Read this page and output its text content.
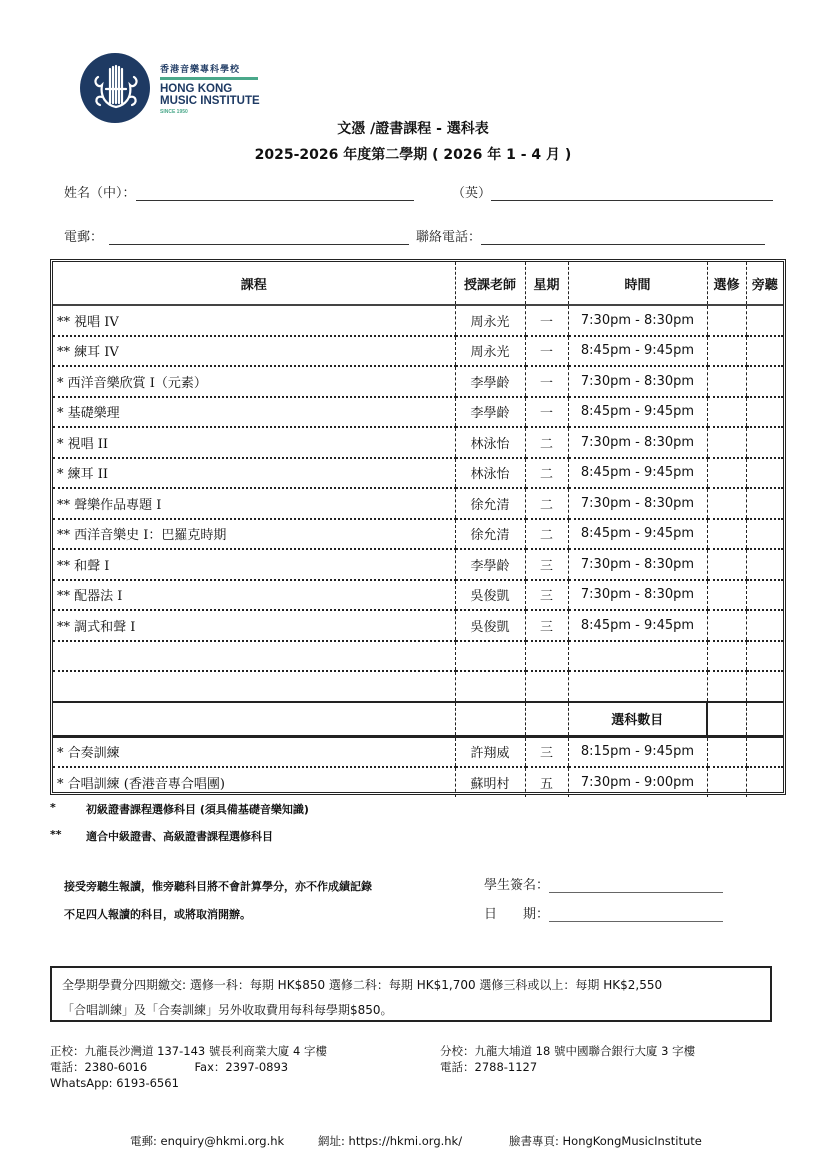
香港音樂專科學校
HONG KONG
MUSIC INSTITUTE
SINCE 1950
文憑 /證書課程 - 選科表
2025-2026 年度第二學期 ( 2026 年 1 - 4 月 )
姓名（中）：	（英）
電郵：	聯絡電話：
課程	授課老師	星期	時間	選修	旁聽
** 視唱 IV	周永光	一	7:30pm - 8:30pm		
** 練耳 IV	周永光	一	8:45pm - 9:45pm		
* 西洋音樂欣賞 I（元素）	李學齡	一	7:30pm - 8:30pm		
* 基礎樂理	李學齡	一	8:45pm - 9:45pm		
* 視唱 II	林泳怡	二	7:30pm - 8:30pm		
* 練耳 II	林泳怡	二	8:45pm - 9:45pm		
** 聲樂作品專題 I	徐允清	二	7:30pm - 8:30pm		
** 西洋音樂史 I：巴羅克時期	徐允清	二	8:45pm - 9:45pm		
** 和聲 I	李學齡	三	7:30pm - 8:30pm		
** 配器法 I	吳俊凱	三	7:30pm - 8:30pm		
** 調式和聲 I	吳俊凱	三	8:45pm - 9:45pm		

			選科數目		
* 合奏訓練	許翔威	三	8:15pm - 9:45pm		
* 合唱訓練 (香港音專合唱團)	蘇明村	五	7:30pm - 9:00pm		
*	初級證書課程選修科目 (須具備基礎音樂知識)
** 適合中級證書、高級證書課程選修科目
接受旁聽生報讀，惟旁聽科目將不會計算學分，亦不作成績記錄
不足四人報讀的科目，或將取消開辦。
學生簽名：
日　　期：
全學期學費分四期繳交: 選修一科：每期 HK$850 選修二科：每期 HK$1,700 選修三科或以上：每期 HK$2,550
「合唱訓練」及「合奏訓練」另外收取費用每科每學期$850。
正校：九龍長沙灣道 137-143 號長利商業大廈 4 字樓
電話：2380-6016	Fax：2397-0893
WhatsApp: 6193-6561
分校：九龍大埔道 18 號中國聯合銀行大廈 3 字樓
電話：2788-1127
電郵: enquiry@hkmi.org.hk	網址: https://hkmi.org.hk/	臉書專頁: HongKongMusicInstitute
